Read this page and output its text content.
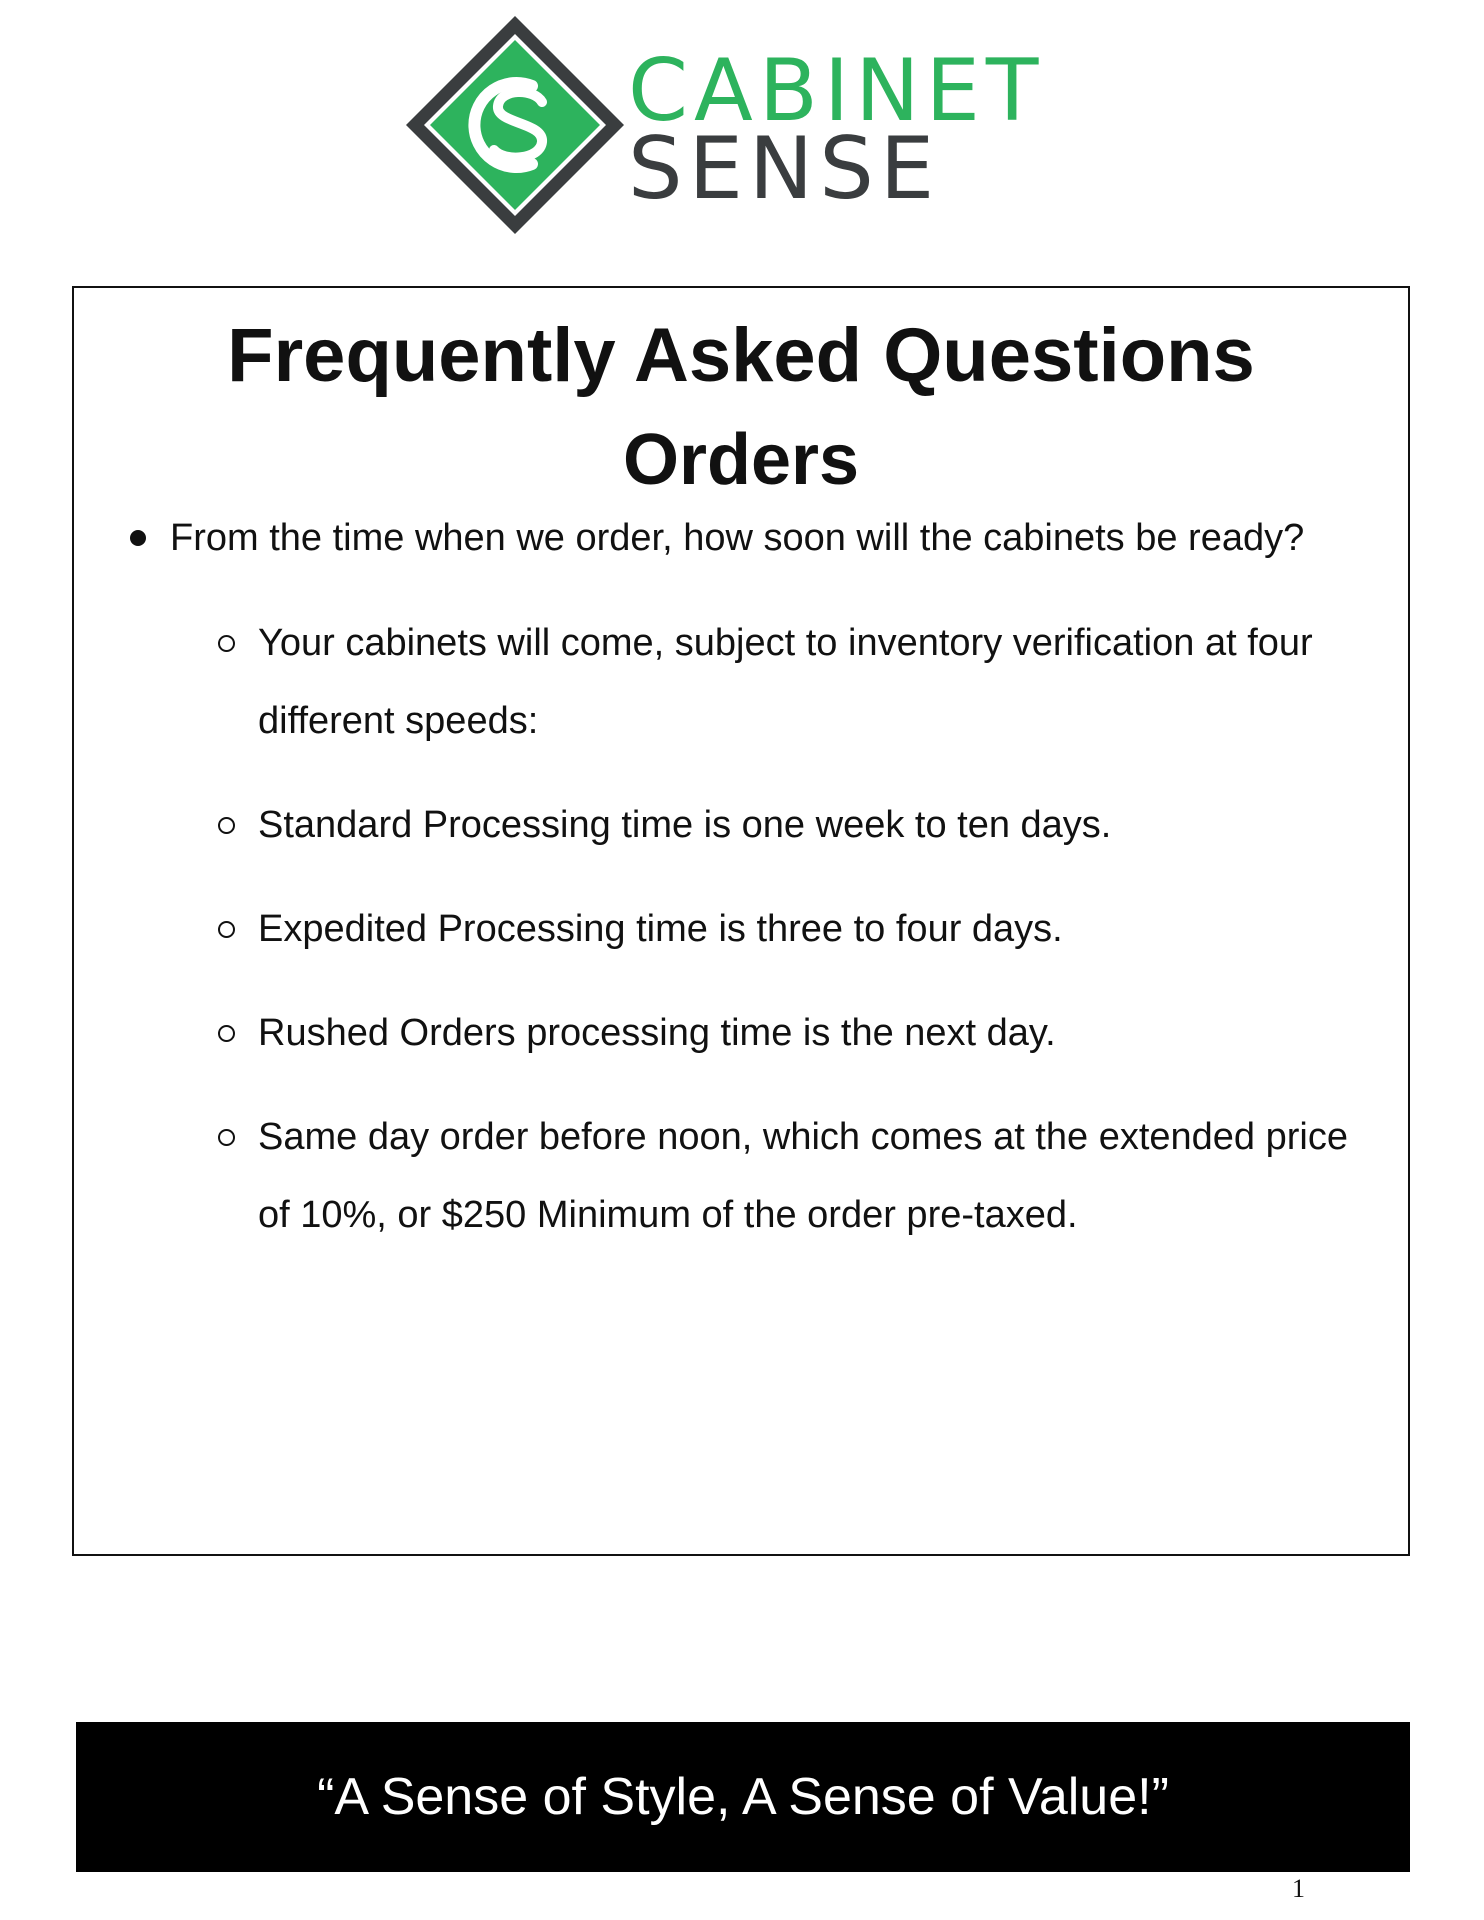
CABINET
SENSE
Frequently Asked Questions
Orders
From the time when we order, how soon will the cabinets be ready?
Your cabinets will come, subject to inventory verification at four different speeds:
Standard Processing time is one week to ten days.
Expedited Processing time is three to four days.
Rushed Orders processing time is the next day.
Same day order before noon, which comes at the extended price of 10%, or $250 Minimum of the order pre-taxed.
“A Sense of Style, A Sense of Value!”
1
